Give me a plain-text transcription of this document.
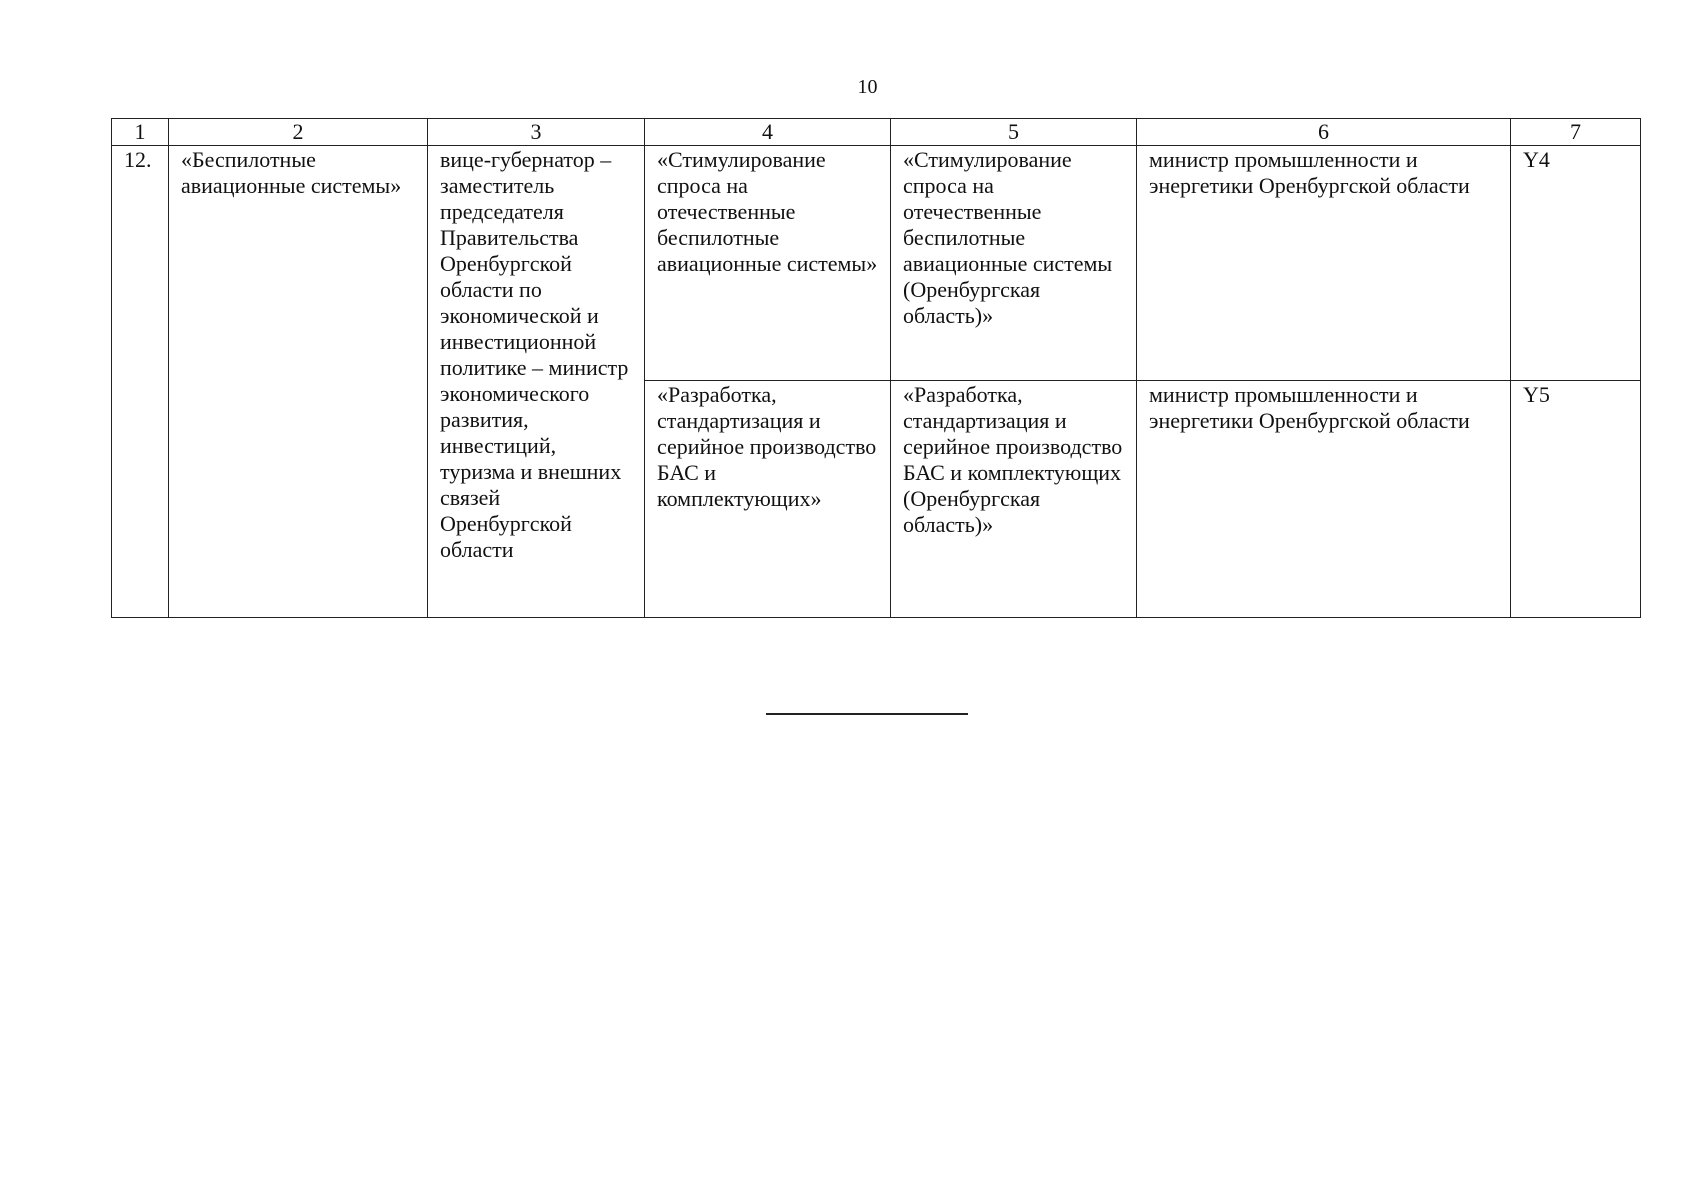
10
1	2	3	4	5	6	7
12.	«Беспилотные авиационные системы»	вице-губернатор – заместитель председателя Правительства Оренбургской области по экономической и инвестиционной политике – министр экономического развития, инвестиций, туризма и внешних связей Оренбургской области	«Стимулирование спроса на отечественные беспилотные авиационные системы»	«Стимулирование спроса на отечественные беспилотные авиационные системы (Оренбургская область)»	министр промышленности и энергетики Оренбургской области	Y4
			«Разработка, стандартизация и серийное производство БАС и комплектующих»	«Разработка, стандартизация и серийное производство БАС и комплектующих (Оренбургская область)»	министр промышленности и энергетики Оренбургской области	Y5
